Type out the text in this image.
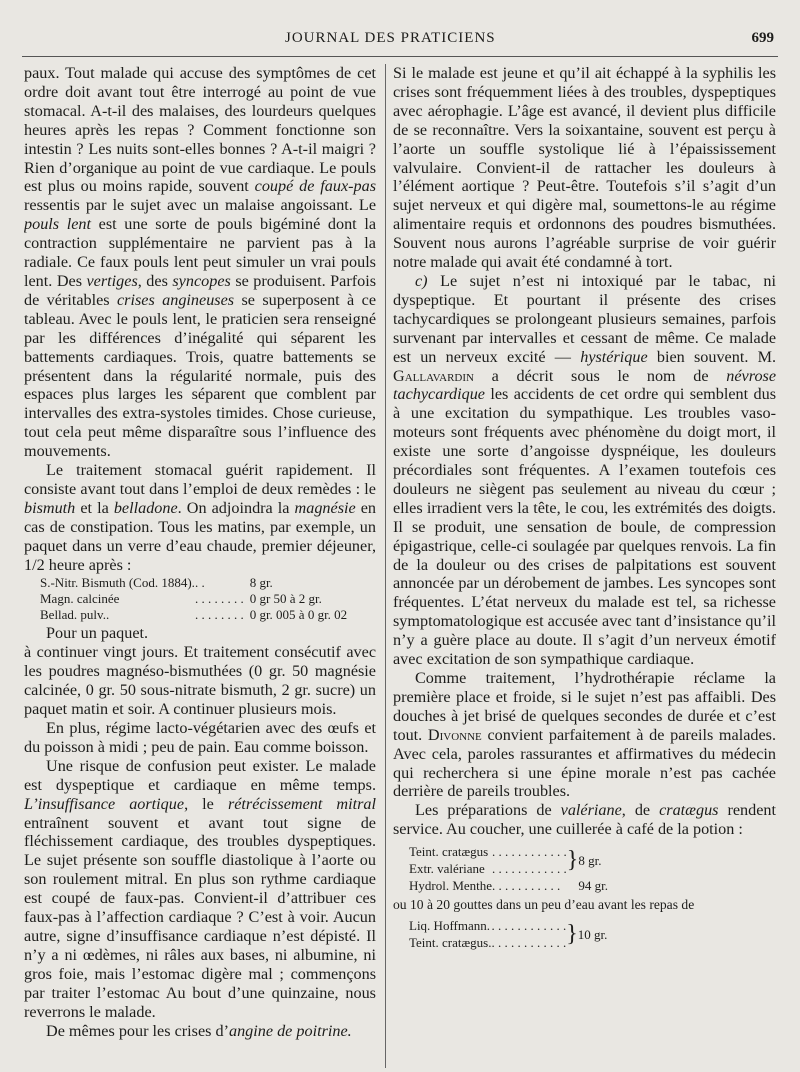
JOURNAL DES PRATICIENS	699

paux. Tout malade qui accuse des symptômes de cet ordre doit avant tout être interrogé au point de vue stomacal. A-t-il des malaises, des lourdeurs quelques heures après les repas ? Comment fonctionne son intestin ? Les nuits sont-elles bonnes ? A-t-il maigri ? Rien d’organique au point de vue cardiaque. Le pouls est plus ou moins rapide, souvent coupé de faux-pas ressentis par le sujet avec un malaise angoissant. Le pouls lent est une sorte de pouls bigéminé dont la contraction supplémentaire ne parvient pas à la radiale. Ce faux pouls lent peut simuler un vrai pouls lent. Des vertiges, des syncopes se produisent. Parfois de véritables crises angineuses se superposent à ce tableau. Avec le pouls lent, le praticien sera renseigné par les différences d’inégalité qui séparent les battements cardiaques. Trois, quatre battements se présentent dans la régularité normale, puis des espaces plus larges les séparent que comblent par intervalles des extra-systoles timides. Chose curieuse, tout cela peut même disparaître sous l’influence des mouvements.

Le traitement stomacal guérit rapidement. Il consiste avant tout dans l’emploi de deux remèdes : le bismuth et la belladone. On adjoindra la magnésie en cas de constipation. Tous les matins, par exemple, un paquet dans un verre d’eau chaude, premier déjeuner, 1/2 heure après :

S.-Nitr. Bismuth (Cod. 1884).	. .	8 gr.
Magn. calcinée	. . . . . . . .	0 gr 50 à 2 gr.
Bellad. pulv..	. . . . . . . .	0 gr. 005 à 0 gr. 02

Pour un paquet.

à continuer vingt jours. Et traitement consécutif avec les poudres magnéso-bismuthées (0 gr. 50 magnésie calcinée, 0 gr. 50 sous-nitrate bismuth, 2 gr. sucre) un paquet matin et soir. A continuer plusieurs mois.

En plus, régime lacto-végétarien avec des œufs et du poisson à midi ; peu de pain. Eau comme boisson.

Une risque de confusion peut exister. Le malade est dyspeptique et cardiaque en même temps. L’insuffisance aortique, le rétrécissement mitral entraînent souvent et avant tout signe de fléchissement cardiaque, des troubles dyspeptiques. Le sujet présente son souffle diastolique à l’aorte ou son roulement mitral. En plus son rythme cardiaque est coupé de faux-pas. Convient-il d’attribuer ces faux-pas à l’affection cardiaque ? C’est à voir. Aucun autre, signe d’insuffisance cardiaque n’est dépisté. Il n’y a ni œdèmes, ni râles aux bases, ni albumine, ni gros foie, mais l’estomac digère mal ; commençons par traiter l’estomac Au bout d’une quinzaine, nous reverrons le malade.

De mêmes pour les crises d’angine de poitrine.

Si le malade est jeune et qu’il ait échappé à la syphilis les crises sont fréquemment liées à des troubles, dyspeptiques avec aérophagie. L’âge est avancé, il devient plus difficile de se reconnaître. Vers la soixantaine, souvent est perçu à l’aorte un souffle systolique lié à l’épaississement valvulaire. Convient-il de rattacher les douleurs à l’élément aortique ? Peut-être. Toutefois s’il s’agit d’un sujet nerveux et qui digère mal, soumettons-le au régime alimentaire requis et ordonnons des poudres bismuthées. Souvent nous aurons l’agréable surprise de voir guérir notre malade qui avait été condamné à tort.

c) Le sujet n’est ni intoxiqué par le tabac, ni dyspeptique. Et pourtant il présente des crises tachycardiques se prolongeant plusieurs semaines, parfois survenant par intervalles et cessant de même. Ce malade est un nerveux excité — hystérique bien souvent. M. Gallavardin a décrit sous le nom de névrose tachycardique les accidents de cet ordre qui semblent dus à une excitation du sympathique. Les troubles vaso-moteurs sont fréquents avec phénomène du doigt mort, il existe une sorte d’angoisse dyspnéique, les douleurs précordiales sont fréquentes. A l’examen toutefois ces douleurs ne siègent pas seulement au niveau du cœur ; elles irradient vers la tête, le cou, les extrémités des doigts. Il se produit, une sensation de boule, de compression épigastrique, celle-ci soulagée par quelques renvois. La fin de la douleur ou des crises de palpitations est souvent annoncée par un dérobement de jambes. Les syncopes sont fréquentes. L’état nerveux du malade est tel, sa richesse symptomatologique est accusée avec tant d’insistance qu’il n’y a guère place au doute. Il s’agit d’un nerveux émotif avec excitation de son sympathique cardiaque.

Comme traitement, l’hydrothérapie réclame la première place et froide, si le sujet n’est pas affaibli. Des douches à jet brisé de quelques secondes de durée et c’est tout. Divonne convient parfaitement à de pareils malades. Avec cela, paroles rassurantes et affirmatives du médecin qui recherchera si une épine morale n’est pas cachée derrière de pareils troubles.

Les préparations de valériane, de cratægus rendent service. Au coucher, une cuillerée à café de la potion :

Teint. cratægus	. . . . . . . . . . . .	}	8 gr.
Extr. valériane	. . . . . . . . . . . .		
Hydrol. Menthe	. . . . . . . . . . .		94 gr.

ou 10 à 20 gouttes dans un peu d’eau avant les repas de

Liq. Hoffmann.	. . . . . . . . . . . .	}	10 gr.
Teint. cratægus.	. . . . . . . . . . . .		
